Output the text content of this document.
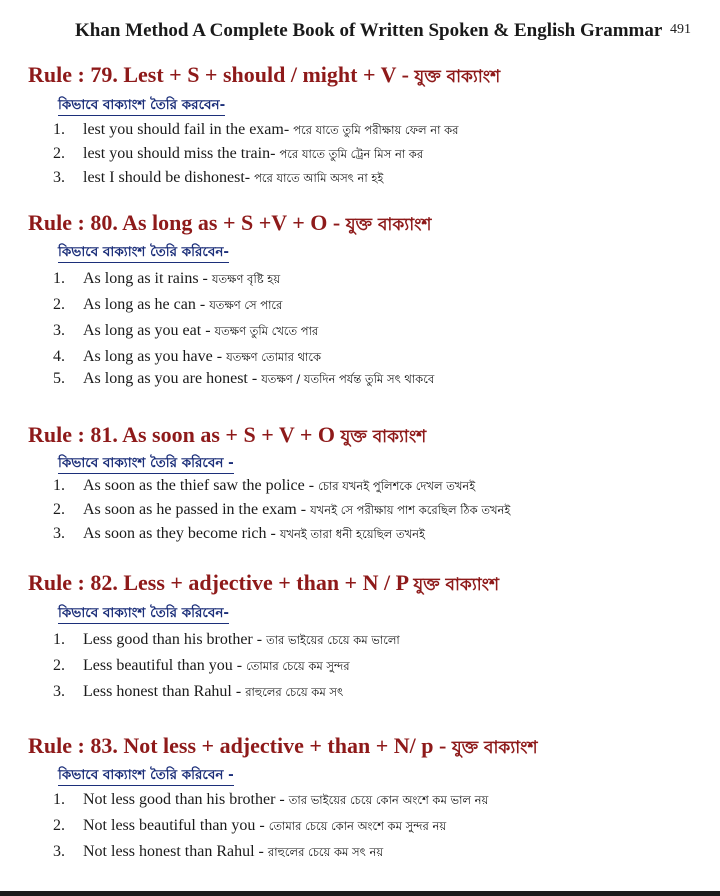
Khan Method A Complete Book of Written Spoken & English Grammar 491
Rule : 79. Lest + S + should / might + V - যুক্ত বাক্যাংশ
কিভাবে বাক্যাংশ তৈরি করবেন-
1. lest you should fail in the exam- পরে যাতে তুমি পরীক্ষায় ফেল না কর
2. lest you should miss the train- পরে যাতে তুমি ট্রেন মিস না কর
3. lest I should be dishonest- পরে যাতে আমি অসৎ না হই
Rule : 80. As long as + S +V + O - যুক্ত বাক্যাংশ
কিভাবে বাক্যাংশ তৈরি করিবেন-
1. As long as it rains - যতক্ষণ বৃষ্টি হয়
2. As long as he can - যতক্ষণ সে পারে
3. As long as you eat - যতক্ষণ তুমি খেতে পার
4. As long as you have - যতক্ষণ তোমার থাকে
5. As long as you are honest - যতক্ষণ / যতদিন পর্যন্ত তুমি সৎ থাকবে
Rule : 81. As soon as + S + V + O যুক্ত বাক্যাংশ
কিভাবে বাক্যাংশ তৈরি করিবেন -
1. As soon as the thief saw the police - চোর যখনই পুলিশকে দেখল তখনই
2. As soon as he passed in the exam - যখনই সে পরীক্ষায় পাশ করেছিল ঠিক তখনই
3. As soon as they become rich - যখনই তারা ধনী হয়েছিল তখনই
Rule : 82. Less + adjective + than + N / P যুক্ত বাক্যাংশ
কিভাবে বাক্যাংশ তৈরি করিবেন-
1. Less good than his brother - তার ভাইয়ের চেয়ে কম ভালো
2. Less beautiful than you - তোমার চেয়ে কম সুন্দর
3. Less honest than Rahul - রাহুলের চেয়ে কম সৎ
Rule : 83. Not less + adjective + than + N/ p - যুক্ত বাক্যাংশ
কিভাবে বাক্যাংশ তৈরি করিবেন -
1. Not less good than his brother - তার ভাইয়ের চেয়ে কোন অংশে কম ভাল নয়
2. Not less beautiful than you - তোমার চেয়ে কোন অংশে কম সুন্দর নয়
3. Not less honest than Rahul - রাহুলের চেয়ে কম সৎ নয়
